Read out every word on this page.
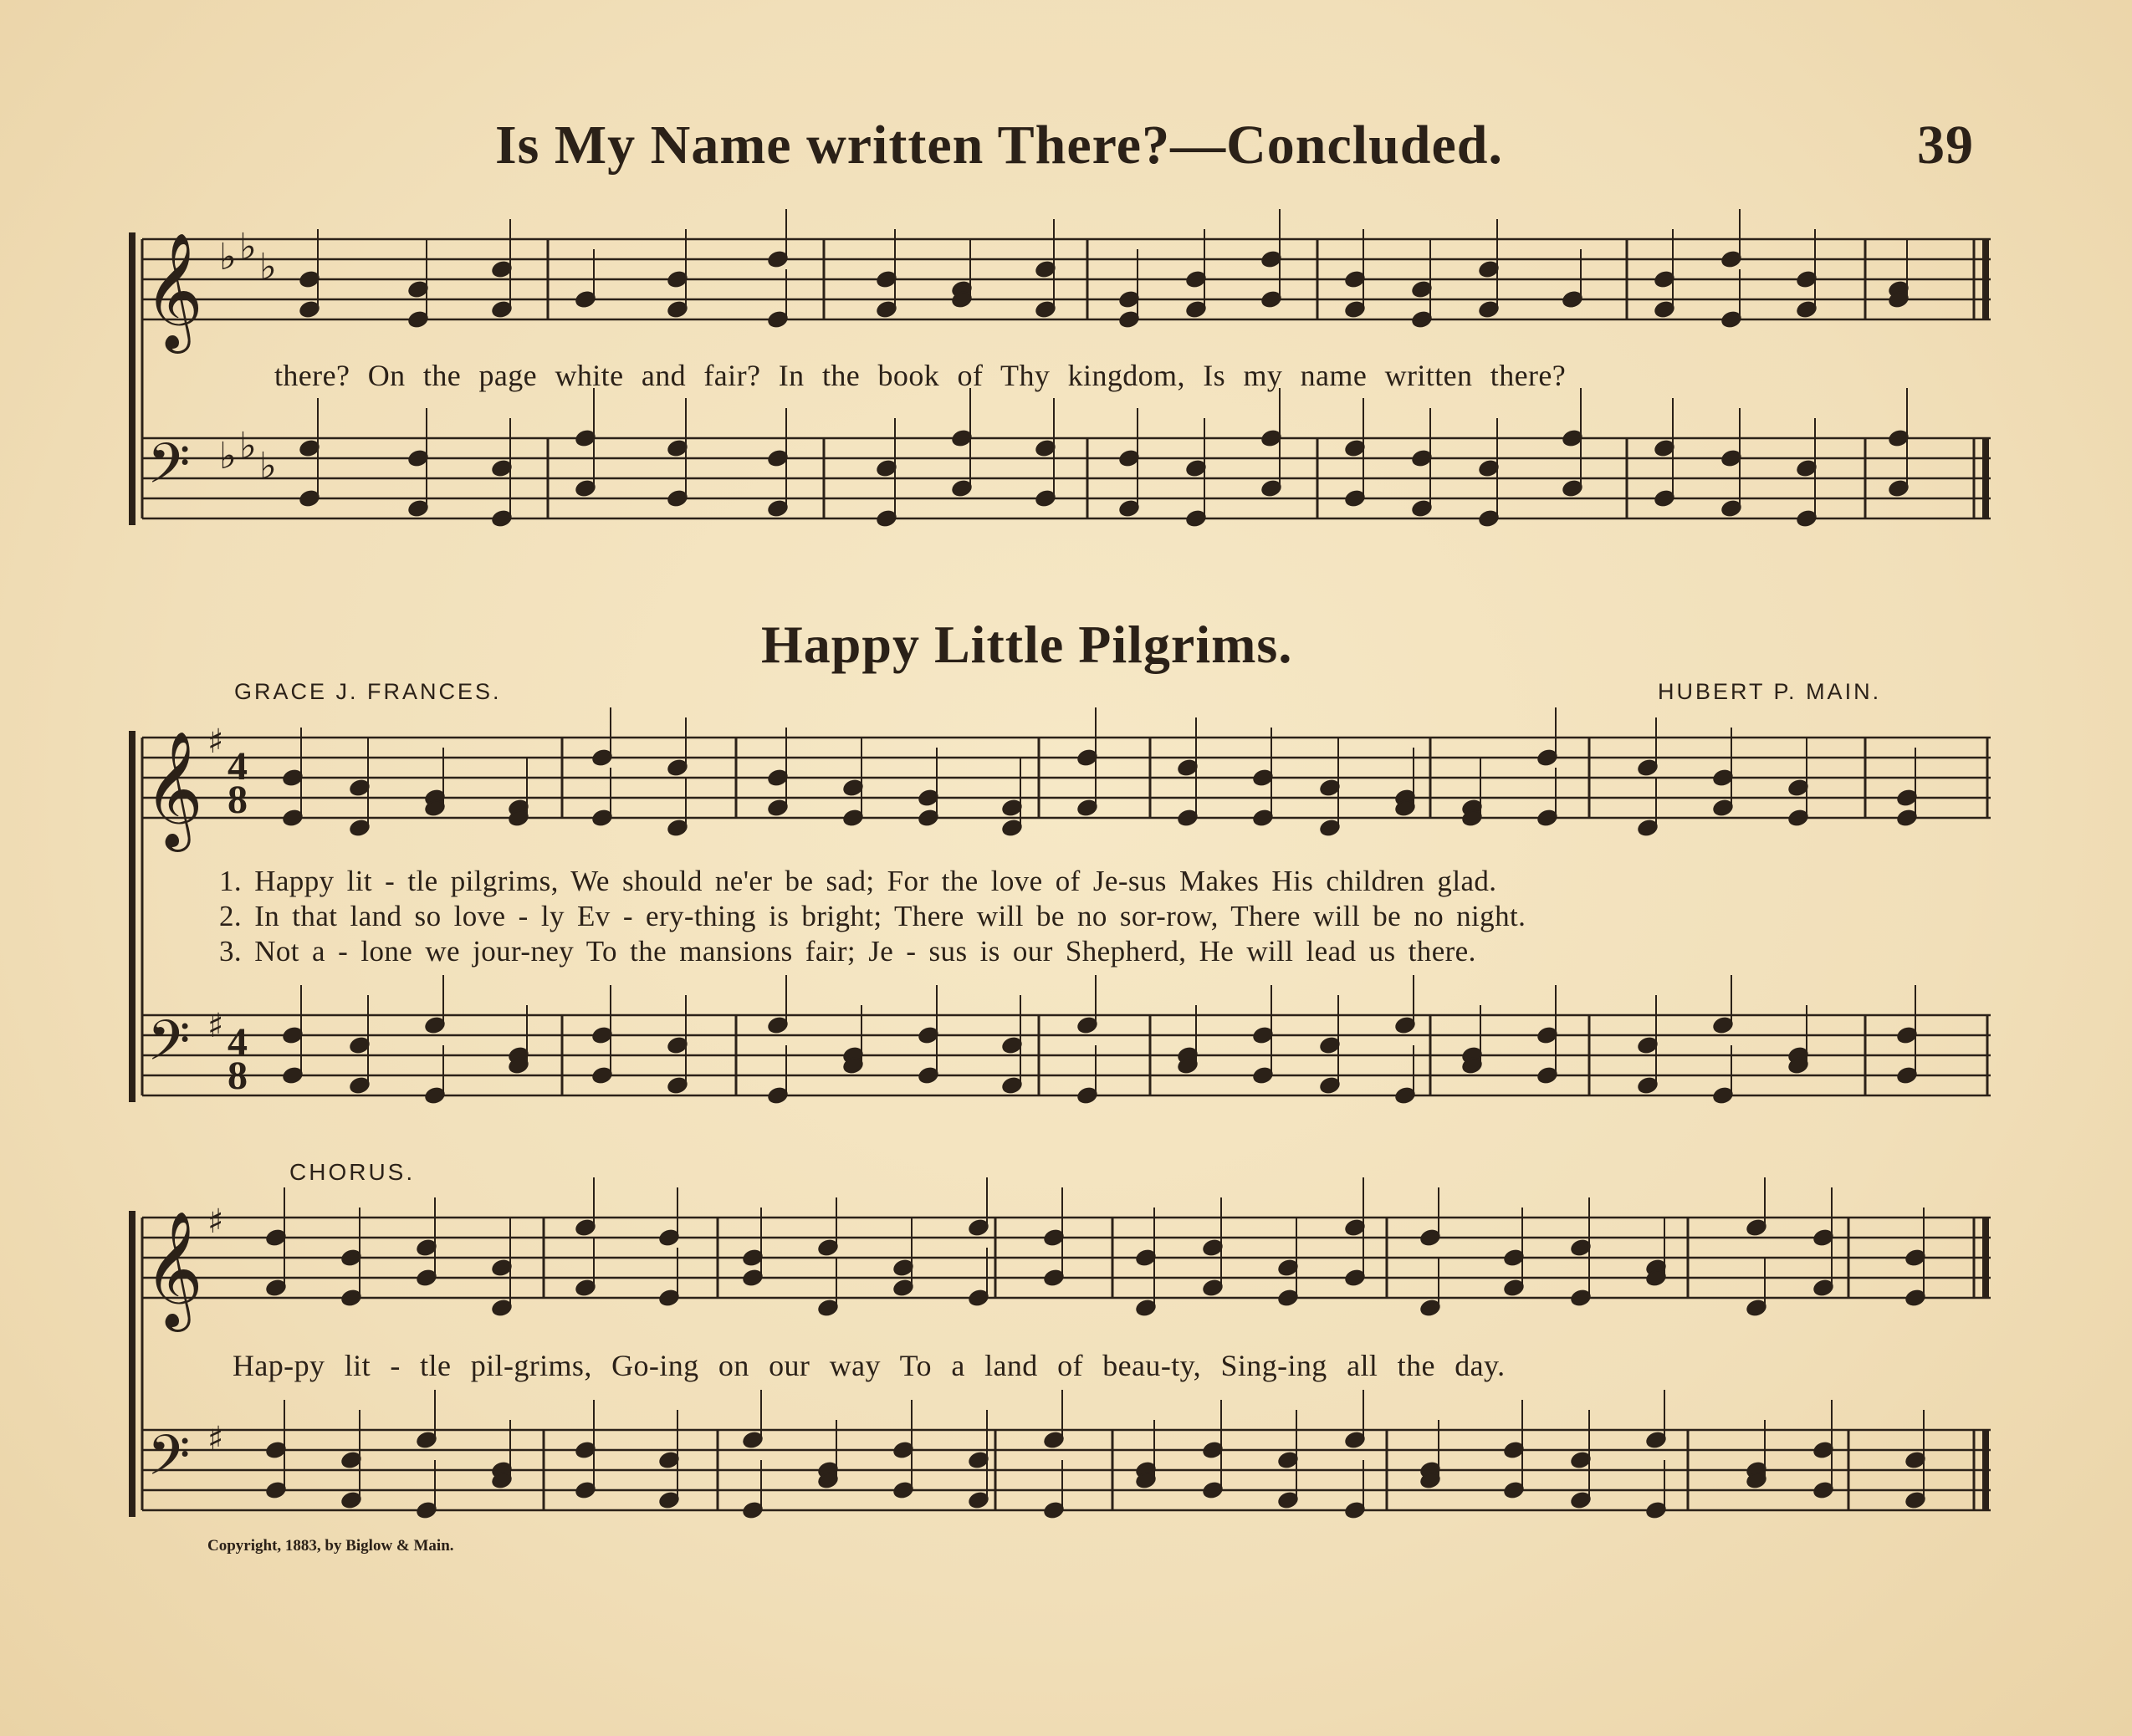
𝄞
𝄢
♭ ♭ ♭
♭ ♭ ♭
𝄞
𝄢
♯
♯
4
8
4
8
𝄞
𝄢
♯
♯
Is My Name written There?—Concluded.	39
there? On the page white and fair? In the book of Thy kingdom, Is my name written there?
Happy Little Pilgrims.
GRACE J. FRANCES.	HUBERT P. MAIN.
1. Happy lit - tle pilgrims, We should ne'er be sad; For the love of Je-sus Makes His children glad.
2. In that land so love - ly Ev - ery-thing is bright; There will be no sor-row, There will be no night.
3. Not a - lone we jour-ney To the mansions fair; Je - sus is our Shepherd, He will lead us there.
CHORUS.
Hap-py lit - tle pil-grims, Go-ing on our way To a land of beau-ty, Sing-ing all the day.
Copyright, 1883, by Biglow & Main.
